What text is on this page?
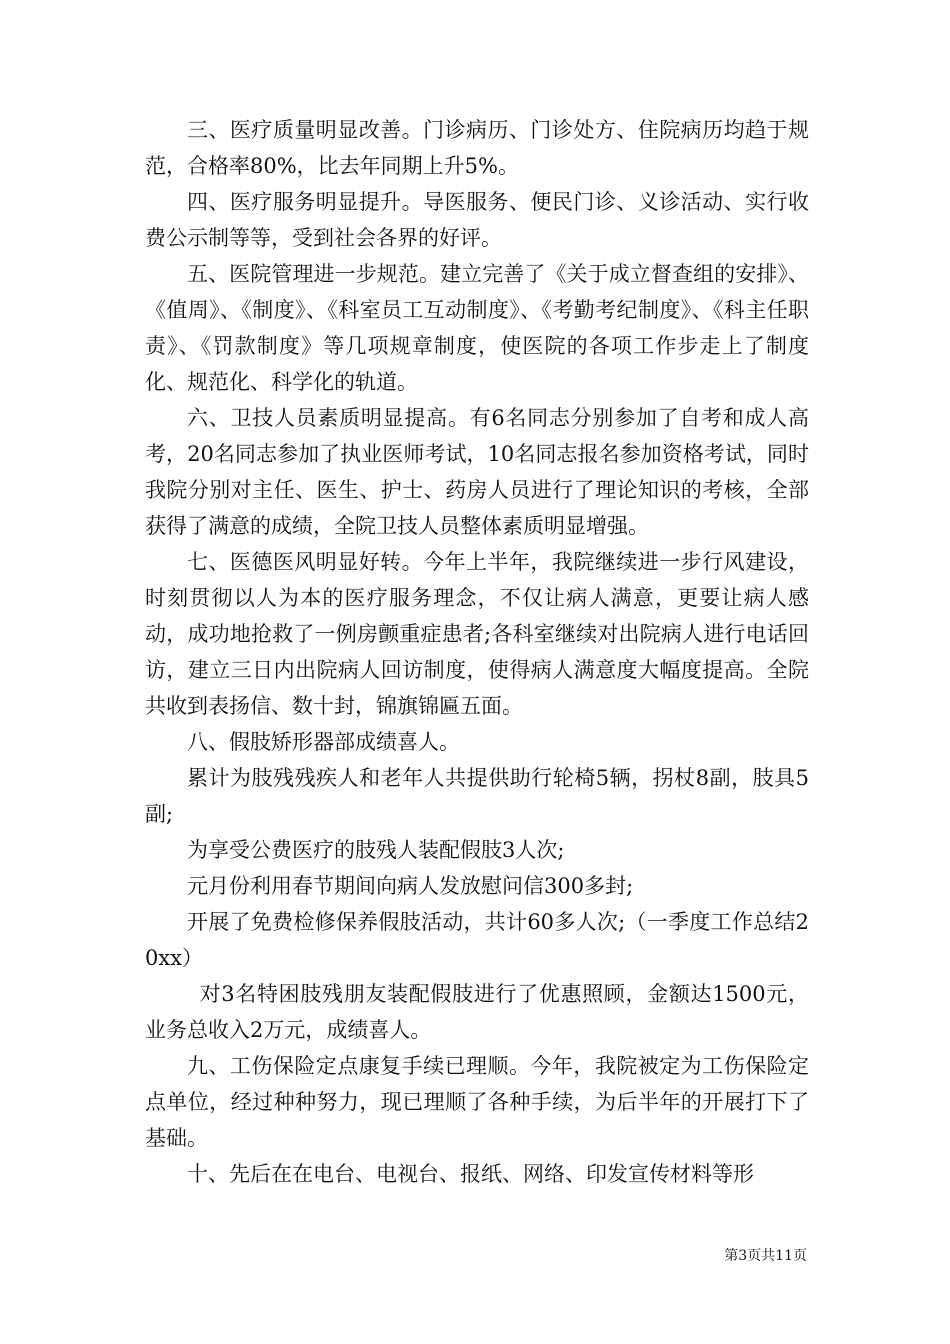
三、医疗质量明显改善。门诊病历、门诊处方、住院病历均趋于规范，合格率80%，比去年同期上升5%。

四、医疗服务明显提升。导医服务、便民门诊、义诊活动、实行收费公示制等等，受到社会各界的好评。

五、医院管理进一步规范。建立完善了《关于成立督查组的安排》、《值周》、《制度》、《科室员工互动制度》、《考勤考纪制度》、《科主任职责》、《罚款制度》等几项规章制度，使医院的各项工作步走上了制度化、规范化、科学化的轨道。

六、卫技人员素质明显提高。有6名同志分别参加了自考和成人高考，20名同志参加了执业医师考试，10名同志报名参加资格考试，同时我院分别对主任、医生、护士、药房人员进行了理论知识的考核，全部获得了满意的成绩，全院卫技人员整体素质明显增强。

七、医德医风明显好转。今年上半年，我院继续进一步行风建设，时刻贯彻以人为本的医疗服务理念，不仅让病人满意，更要让病人感动，成功地抢救了一例房颤重症患者;各科室继续对出院病人进行电话回访，建立三日内出院病人回访制度，使得病人满意度大幅度提高。全院共收到表扬信、数十封，锦旗锦匾五面。

八、假肢矫形器部成绩喜人。

累计为肢残残疾人和老年人共提供助行轮椅5辆，拐杖8副，肢具5副;

为享受公费医疗的肢残人装配假肢3人次;

元月份利用春节期间向病人发放慰问信300多封;

开展了免费检修保养假肢活动，共计60多人次;（一季度工作总结20xx）

对3名特困肢残朋友装配假肢进行了优惠照顾，金额达1500元，业务总收入2万元，成绩喜人。

九、工伤保险定点康复手续已理顺。今年，我院被定为工伤保险定点单位，经过种种努力，现已理顺了各种手续，为后半年的开展打下了基础。

十、先后在在电台、电视台、报纸、网络、印发宣传材料等形

第3页共11页
